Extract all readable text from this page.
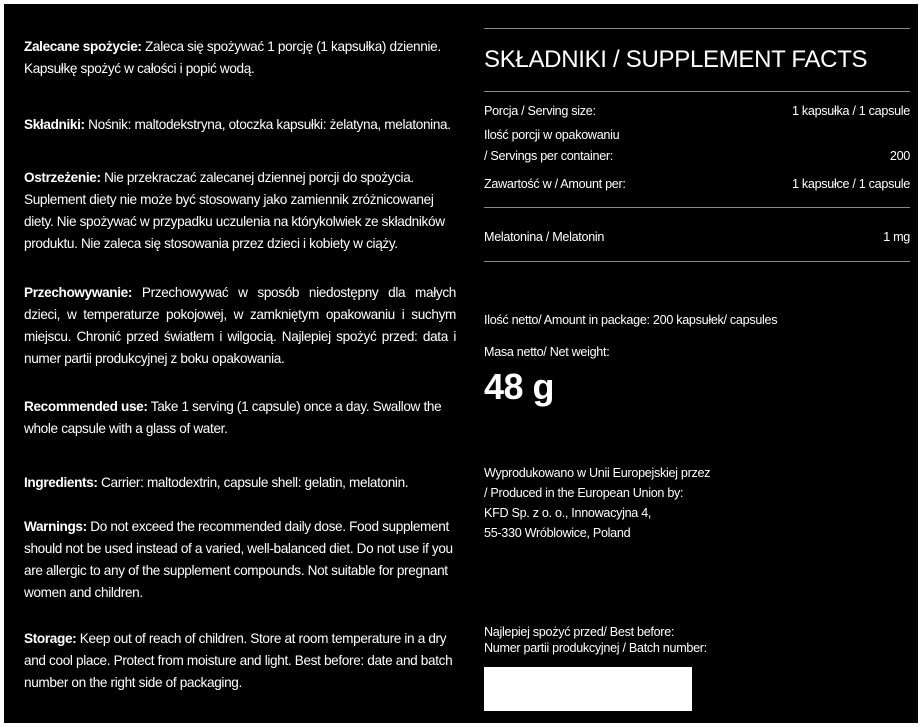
Zalecane spożycie: Zaleca się spożywać 1 porcję (1 kapsułka) dziennie. Kapsułkę spożyć w całości i popić wodą.

Składniki: Nośnik: maltodekstryna, otoczka kapsułki: żelatyna, melatonina.

Ostrzeżenie: Nie przekraczać zalecanej dziennej porcji do spożycia. Suplement diety nie może być stosowany jako zamiennik zróżnicowanej diety. Nie spożywać w przypadku uczulenia na którykolwiek ze składników produktu. Nie zaleca się stosowania przez dzieci i kobiety w ciąży.

Przechowywanie: Przechowywać w sposób niedostępny dla małych dzieci, w temperaturze pokojowej, w zamkniętym opakowaniu i suchym miejscu. Chronić przed światłem i wilgocią. Najlepiej spożyć przed: data i numer partii produkcyjnej z boku opakowania.

Recommended use: Take 1 serving (1 capsule) once a day. Swallow the whole capsule with a glass of water.

Ingredients: Carrier: maltodextrin, capsule shell: gelatin, melatonin.

Warnings: Do not exceed the recommended daily dose. Food supplement should not be used instead of a varied, well-balanced diet. Do not use if you are allergic to any of the supplement compounds. Not suitable for pregnant women and children.

Storage: Keep out of reach of children. Store at room temperature in a dry and cool place. Protect from moisture and light. Best before: date and batch number on the right side of packaging.

SKŁADNIKI / SUPPLEMENT FACTS
Porcja / Serving size:	1 kapsułka / 1 capsule
Ilość porcji w opakowaniu
/ Servings per container:	200
Zawartość w / Amount per:	1 kapsułce / 1 capsule
Melatonina / Melatonin	1 mg
Ilość netto/ Amount in package: 200 kapsułek/ capsules
Masa netto/ Net weight:
48 g
Wyprodukowano w Unii Europejskiej przez
/ Produced in the European Union by:
KFD Sp. z o. o., Innowacyjna 4,
55-330 Wróblowice, Poland
Najlepiej spożyć przed/ Best before:
Numer partii produkcyjnej / Batch number:
